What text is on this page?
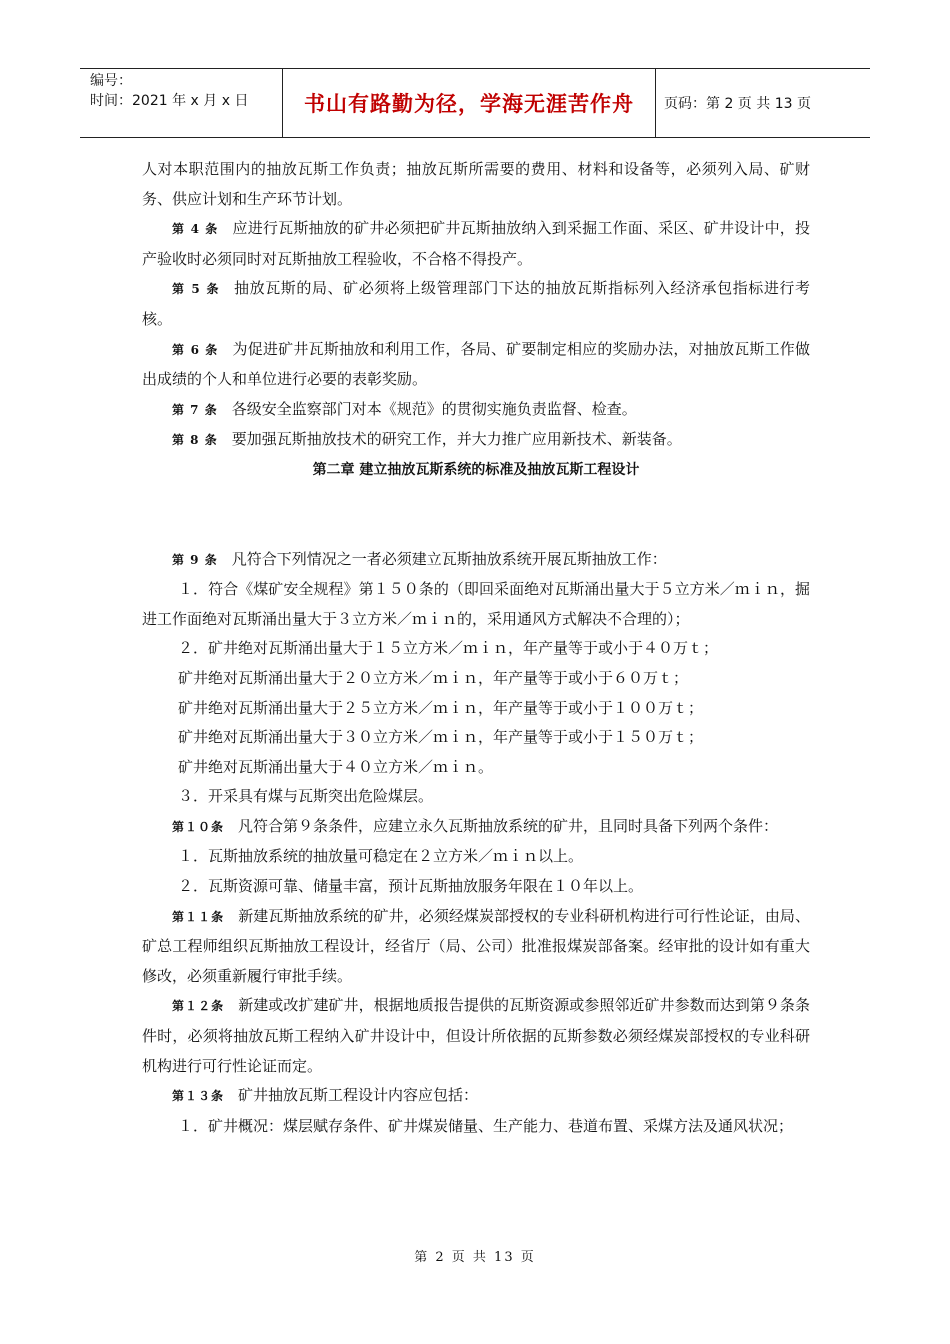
编号：
时间：2021 年 x 月 x 日	书山有路勤为径，学海无涯苦作舟	页码：第 2 页 共 13 页

人对本职范围内的抽放瓦斯工作负责；抽放瓦斯所需要的费用、材料和设备等，必须列入局、矿财务、供应计划和生产环节计划。

第 4 条 应进行瓦斯抽放的矿井必须把矿井瓦斯抽放纳入到采掘工作面、采区、矿井设计中，投产验收时必须同时对瓦斯抽放工程验收，不合格不得投产。

第 5 条 抽放瓦斯的局、矿必须将上级管理部门下达的抽放瓦斯指标列入经济承包指标进行考核。

第 6 条 为促进矿井瓦斯抽放和利用工作，各局、矿要制定相应的奖励办法，对抽放瓦斯工作做出成绩的个人和单位进行必要的表彰奖励。

第 7 条 各级安全监察部门对本《规范》的贯彻实施负责监督、检查。

第 8 条 要加强瓦斯抽放技术的研究工作，并大力推广应用新技术、新装备。

第二章 建立抽放瓦斯系统的标准及抽放瓦斯工程设计

第 9 条 凡符合下列情况之一者必须建立瓦斯抽放系统开展瓦斯抽放工作：

１．符合《煤矿安全规程》第１５０条的（即回采面绝对瓦斯涌出量大于５立方米／ｍｉｎ，掘进工作面绝对瓦斯涌出量大于３立方米／ｍｉｎ的，采用通风方式解决不合理的）；

２．矿井绝对瓦斯涌出量大于１５立方米／ｍｉｎ，年产量等于或小于４０万ｔ；

矿井绝对瓦斯涌出量大于２０立方米／ｍｉｎ，年产量等于或小于６０万ｔ；

矿井绝对瓦斯涌出量大于２５立方米／ｍｉｎ，年产量等于或小于１００万ｔ；

矿井绝对瓦斯涌出量大于３０立方米／ｍｉｎ，年产量等于或小于１５０万ｔ；

矿井绝对瓦斯涌出量大于４０立方米／ｍｉｎ。

３．开采具有煤与瓦斯突出危险煤层。

第１０条 凡符合第９条条件，应建立永久瓦斯抽放系统的矿井，且同时具备下列两个条件：

１．瓦斯抽放系统的抽放量可稳定在２立方米／ｍｉｎ以上。

２．瓦斯资源可靠、储量丰富，预计瓦斯抽放服务年限在１０年以上。

第１１条 新建瓦斯抽放系统的矿井，必须经煤炭部授权的专业科研机构进行可行性论证，由局、矿总工程师组织瓦斯抽放工程设计，经省厅（局、公司）批准报煤炭部备案。经审批的设计如有重大修改，必须重新履行审批手续。

第１２条 新建或改扩建矿井，根据地质报告提供的瓦斯资源或参照邻近矿井参数而达到第９条条件时，必须将抽放瓦斯工程纳入矿井设计中，但设计所依据的瓦斯参数必须经煤炭部授权的专业科研机构进行可行性论证而定。

第１３条 矿井抽放瓦斯工程设计内容应包括：

１．矿井概况：煤层赋存条件、矿井煤炭储量、生产能力、巷道布置、采煤方法及通风状况；

第 2 页 共 13 页
